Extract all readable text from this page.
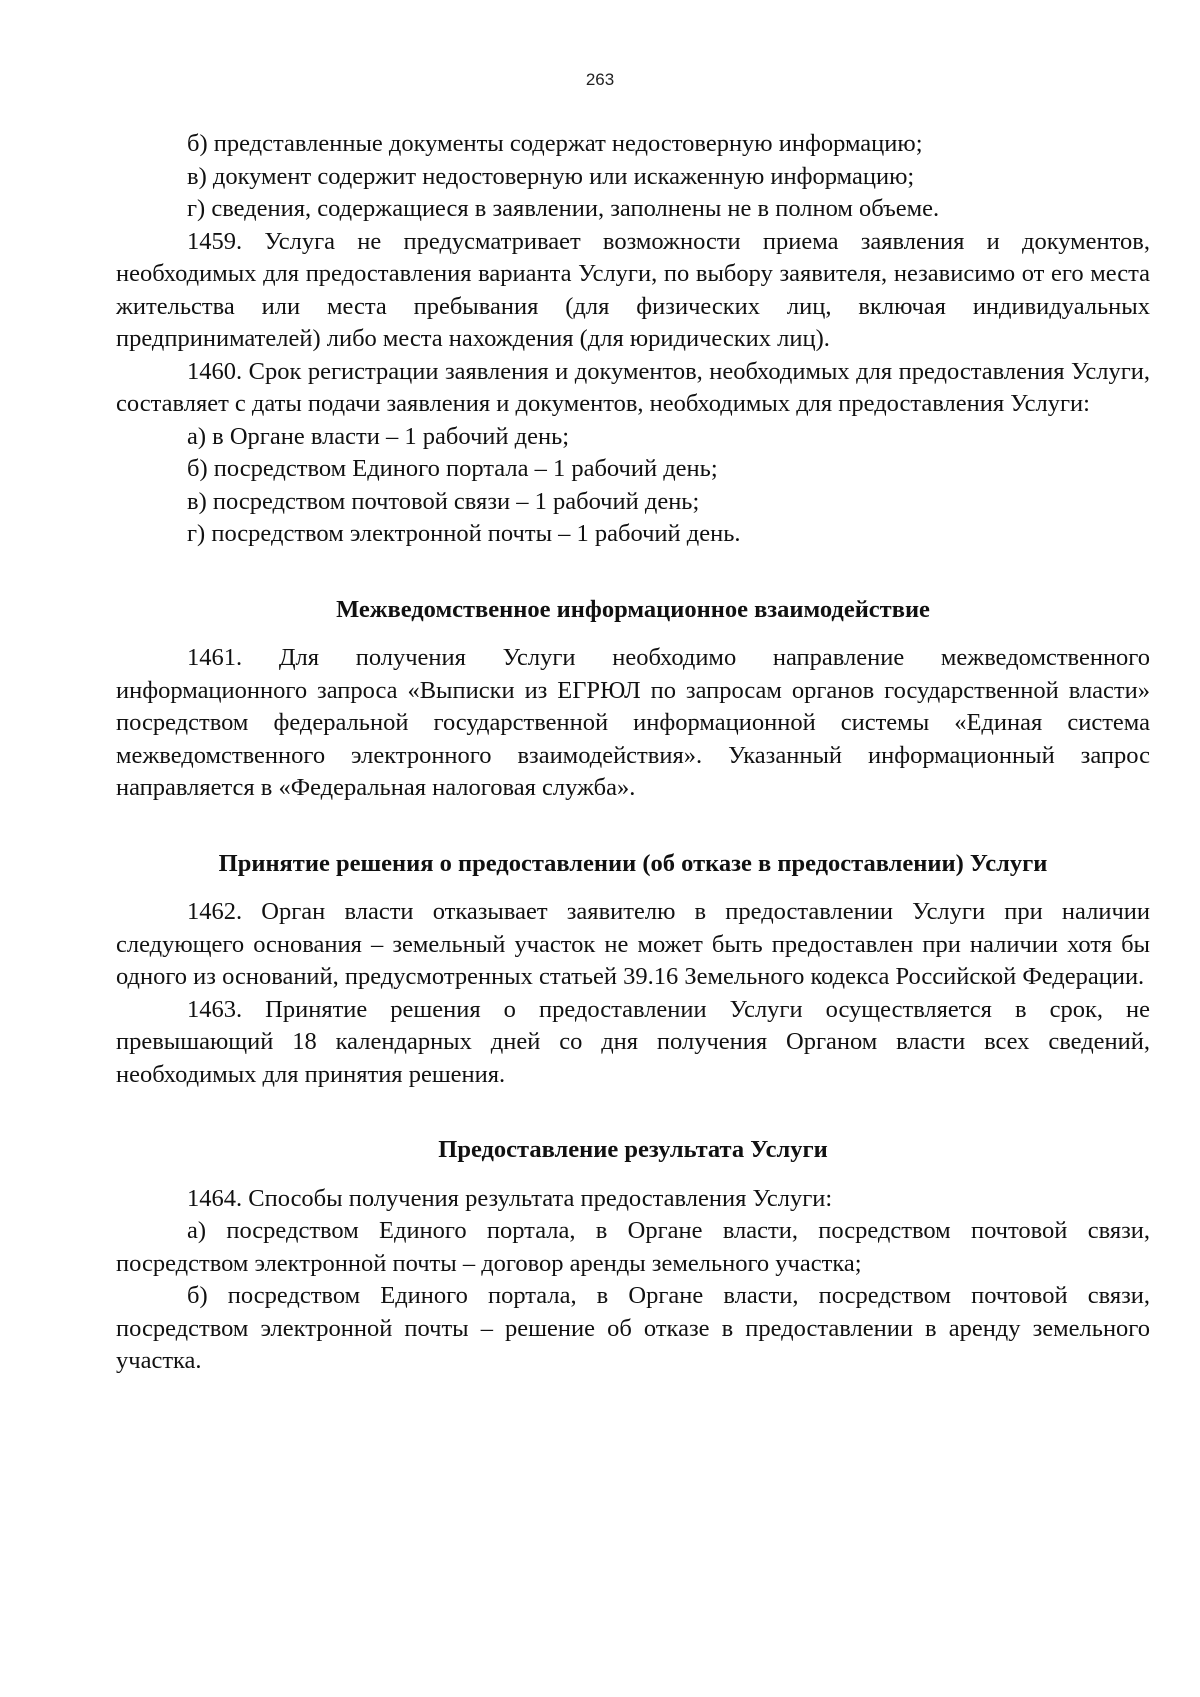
263

б) представленные документы содержат недостоверную информацию;

в) документ содержит недостоверную или искаженную информацию;

г) сведения, содержащиеся в заявлении, заполнены не в полном объеме.

1459. Услуга не предусматривает возможности приема заявления и документов, необходимых для предоставления варианта Услуги, по выбору заявителя, независимо от его места жительства или места пребывания (для физических лиц, включая индивидуальных предпринимателей) либо места нахождения (для юридических лиц).

1460. Срок регистрации заявления и документов, необходимых для предоставления Услуги, составляет с даты подачи заявления и документов, необходимых для предоставления Услуги:

а) в Органе власти – 1 рабочий день;

б) посредством Единого портала – 1 рабочий день;

в) посредством почтовой связи – 1 рабочий день;

г) посредством электронной почты – 1 рабочий день.

Межведомственное информационное взаимодействие

1461. Для получения Услуги необходимо направление межведомственного информационного запроса «Выписки из ЕГРЮЛ по запросам органов государственной власти» посредством федеральной государственной информационной системы «Единая система межведомственного электронного взаимодействия». Указанный информационный запрос направляется в «Федеральная налоговая служба».

Принятие решения о предоставлении (об отказе в предоставлении) Услуги

1462. Орган власти отказывает заявителю в предоставлении Услуги при наличии следующего основания – земельный участок не может быть предоставлен при наличии хотя бы одного из оснований, предусмотренных статьей 39.16 Земельного кодекса Российской Федерации.

1463. Принятие решения о предоставлении Услуги осуществляется в срок, не превышающий 18 календарных дней со дня получения Органом власти всех сведений, необходимых для принятия решения.

Предоставление результата Услуги

1464. Способы получения результата предоставления Услуги:

а) посредством Единого портала, в Органе власти, посредством почтовой связи, посредством электронной почты – договор аренды земельного участка;

б) посредством Единого портала, в Органе власти, посредством почтовой связи, посредством электронной почты – решение об отказе в предоставлении в аренду земельного участка.
